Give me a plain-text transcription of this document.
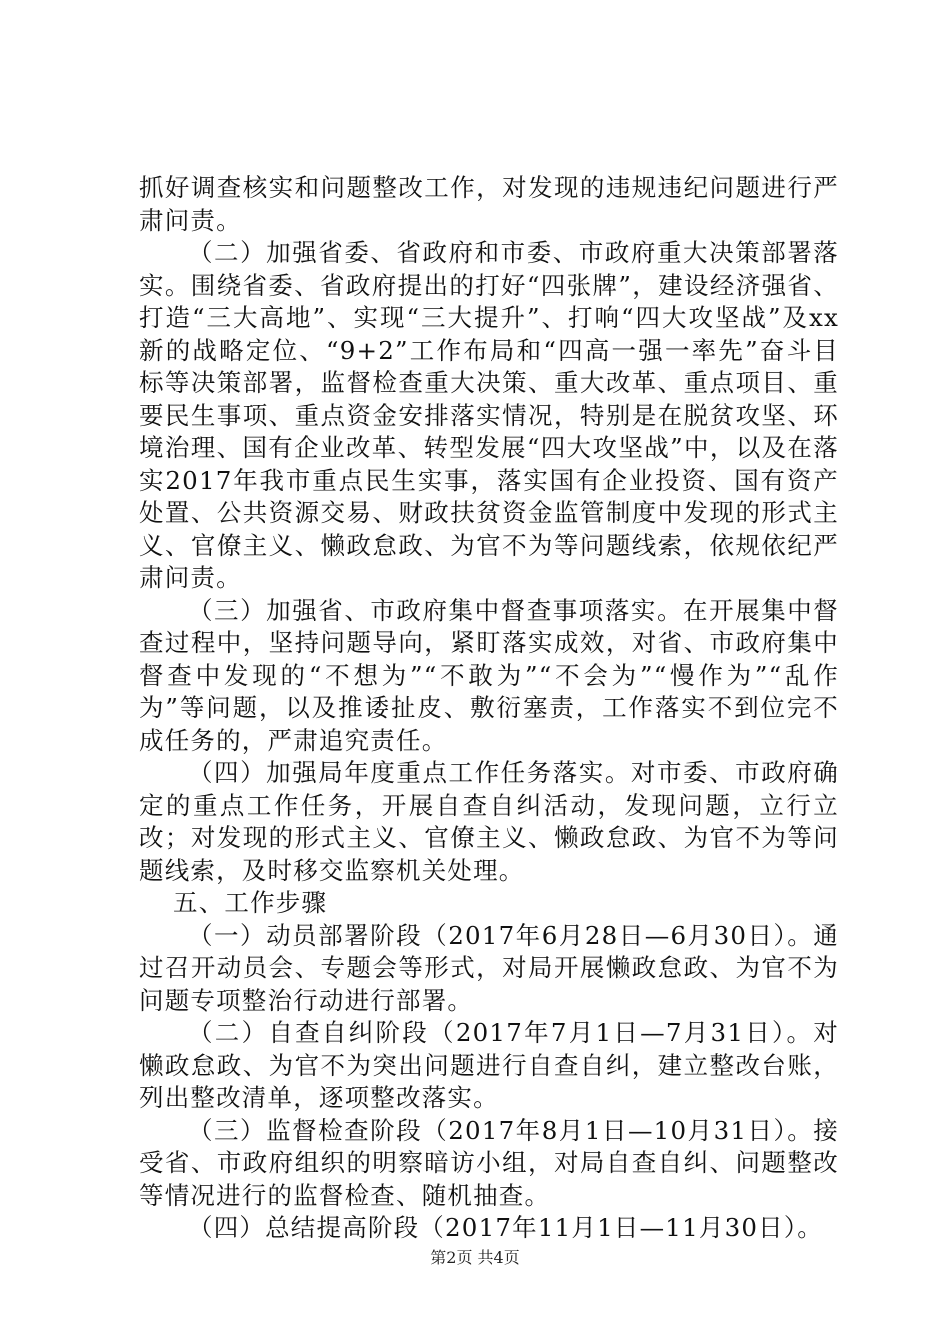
抓好调查核实和问题整改工作，对发现的违规违纪问题进行严肃问责。

（二）加强省委、省政府和市委、市政府重大决策部署落实。围绕省委、省政府提出的打好“四张牌”，建设经济强省、打造“三大高地”、实现“三大提升”、打响“四大攻坚战”及xx新的战略定位、“9+2”工作布局和“四高一强一率先”奋斗目标等决策部署，监督检查重大决策、重大改革、重点项目、重要民生事项、重点资金安排落实情况，特别是在脱贫攻坚、环境治理、国有企业改革、转型发展“四大攻坚战”中，以及在落实2017年我市重点民生实事，落实国有企业投资、国有资产处置、公共资源交易、财政扶贫资金监管制度中发现的形式主义、官僚主义、懒政怠政、为官不为等问题线索，依规依纪严肃问责。

（三）加强省、市政府集中督查事项落实。在开展集中督查过程中，坚持问题导向，紧盯落实成效，对省、市政府集中督查中发现的“不想为”“不敢为”“不会为”“慢作为”“乱作为”等问题，以及推诿扯皮、敷衍塞责，工作落实不到位完不成任务的，严肃追究责任。

（四）加强局年度重点工作任务落实。对市委、市政府确定的重点工作任务，开展自查自纠活动，发现问题，立行立改；对发现的形式主义、官僚主义、懒政怠政、为官不为等问题线索，及时移交监察机关处理。

五、工作步骤

（一）动员部署阶段（2017年6月28日—6月30日）。通过召开动员会、专题会等形式，对局开展懒政怠政、为官不为问题专项整治行动进行部署。

（二）自查自纠阶段（2017年7月1日—7月31日）。对懒政怠政、为官不为突出问题进行自查自纠，建立整改台账，列出整改清单，逐项整改落实。

（三）监督检查阶段（2017年8月1日—10月31日）。接受省、市政府组织的明察暗访小组，对局自查自纠、问题整改等情况进行的监督检查、随机抽查。

（四）总结提高阶段（2017年11月1日—11月30日）。

第2页 共4页
